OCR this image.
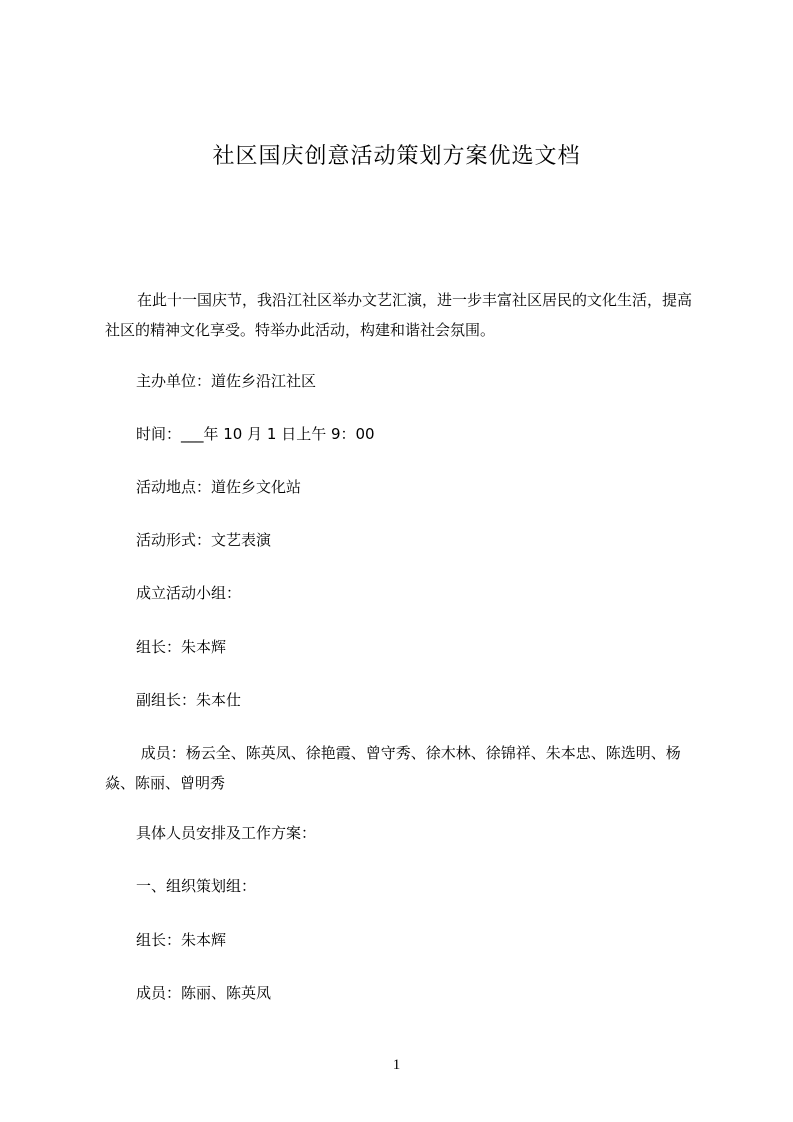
社区国庆创意活动策划方案优选文档

在此十一国庆节，我沿江社区举办文艺汇演，进一步丰富社区居民的文化生活，提高社区的精神文化享受。特举办此活动，构建和谐社会氛围。

主办单位：道佐乡沿江社区
时间：___年 10 月 1 日上午 9：00
活动地点：道佐乡文化站
活动形式：文艺表演
成立活动小组：
组长：朱本辉
副组长：朱本仕

成员：杨云全、陈英凤、徐艳霞、曾守秀、徐木林、徐锦祥、朱本忠、陈选明、杨焱、陈丽、曾明秀

具体人员安排及工作方案：
一、组织策划组：
组长：朱本辉
成员：陈丽、陈英凤
1
